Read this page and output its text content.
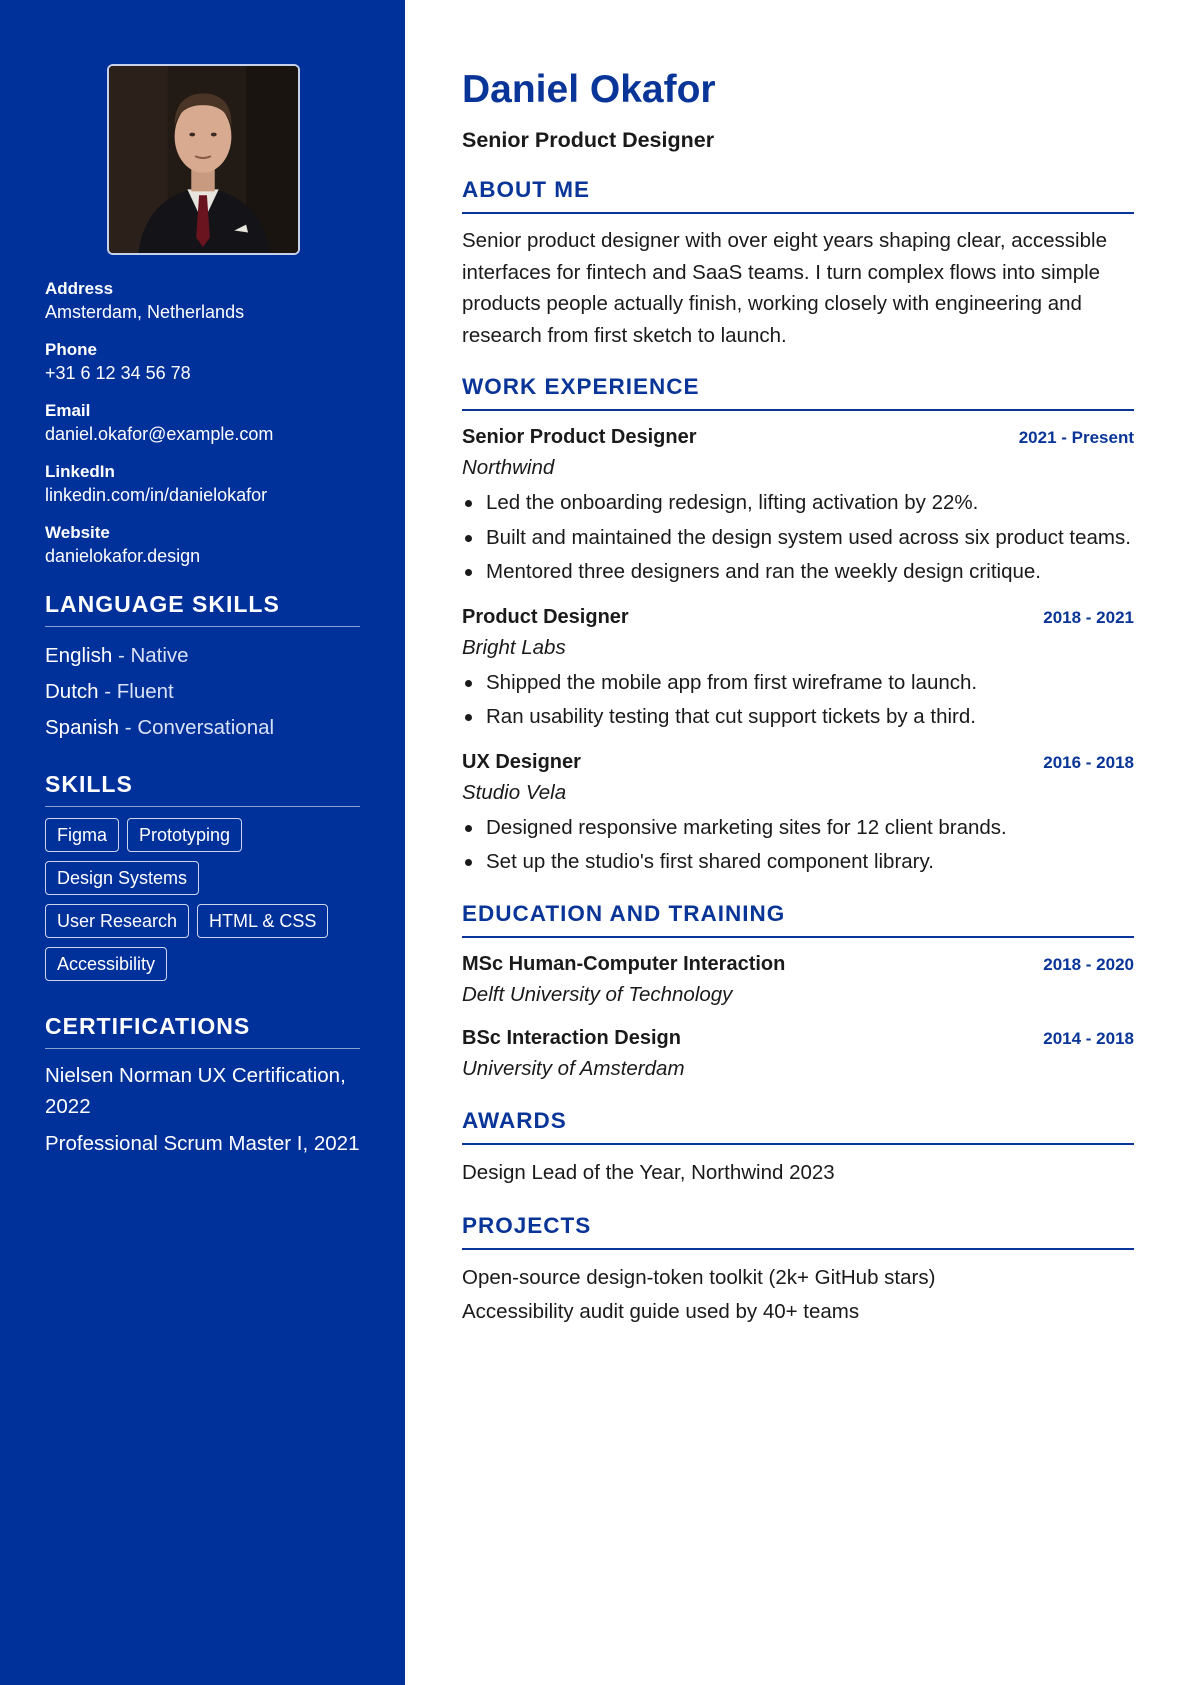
Address
Amsterdam, Netherlands
Phone
+31 6 12 34 56 78
Email
daniel.okafor@example.com
LinkedIn
linkedin.com/in/danielokafor
Website
danielokafor.design
LANGUAGE SKILLS
English - Native
Dutch - Fluent
Spanish - Conversational
SKILLS
Figma	Prototyping
Design Systems
User Research	HTML & CSS
Accessibility
CERTIFICATIONS
Nielsen Norman UX Certification, 2022
Professional Scrum Master I, 2021
Daniel Okafor
Senior Product Designer
ABOUT ME

Senior product designer with over eight years shaping clear, accessible interfaces for fintech and SaaS teams. I turn complex flows into simple products people actually finish, working closely with engineering and research from first sketch to launch.

WORK EXPERIENCE
Senior Product Designer	2021 - Present
Northwind
Led the onboarding redesign, lifting activation by 22%.
Built and maintained the design system used across six product teams.
Mentored three designers and ran the weekly design critique.
Product Designer	2018 - 2021
Bright Labs
Shipped the mobile app from first wireframe to launch.
Ran usability testing that cut support tickets by a third.
UX Designer	2016 - 2018
Studio Vela
Designed responsive marketing sites for 12 client brands.
Set up the studio's first shared component library.
EDUCATION AND TRAINING
MSc Human-Computer Interaction	2018 - 2020
Delft University of Technology
BSc Interaction Design	2014 - 2018
University of Amsterdam
AWARDS
Design Lead of the Year, Northwind 2023
PROJECTS
Open-source design-token toolkit (2k+ GitHub stars)
Accessibility audit guide used by 40+ teams
